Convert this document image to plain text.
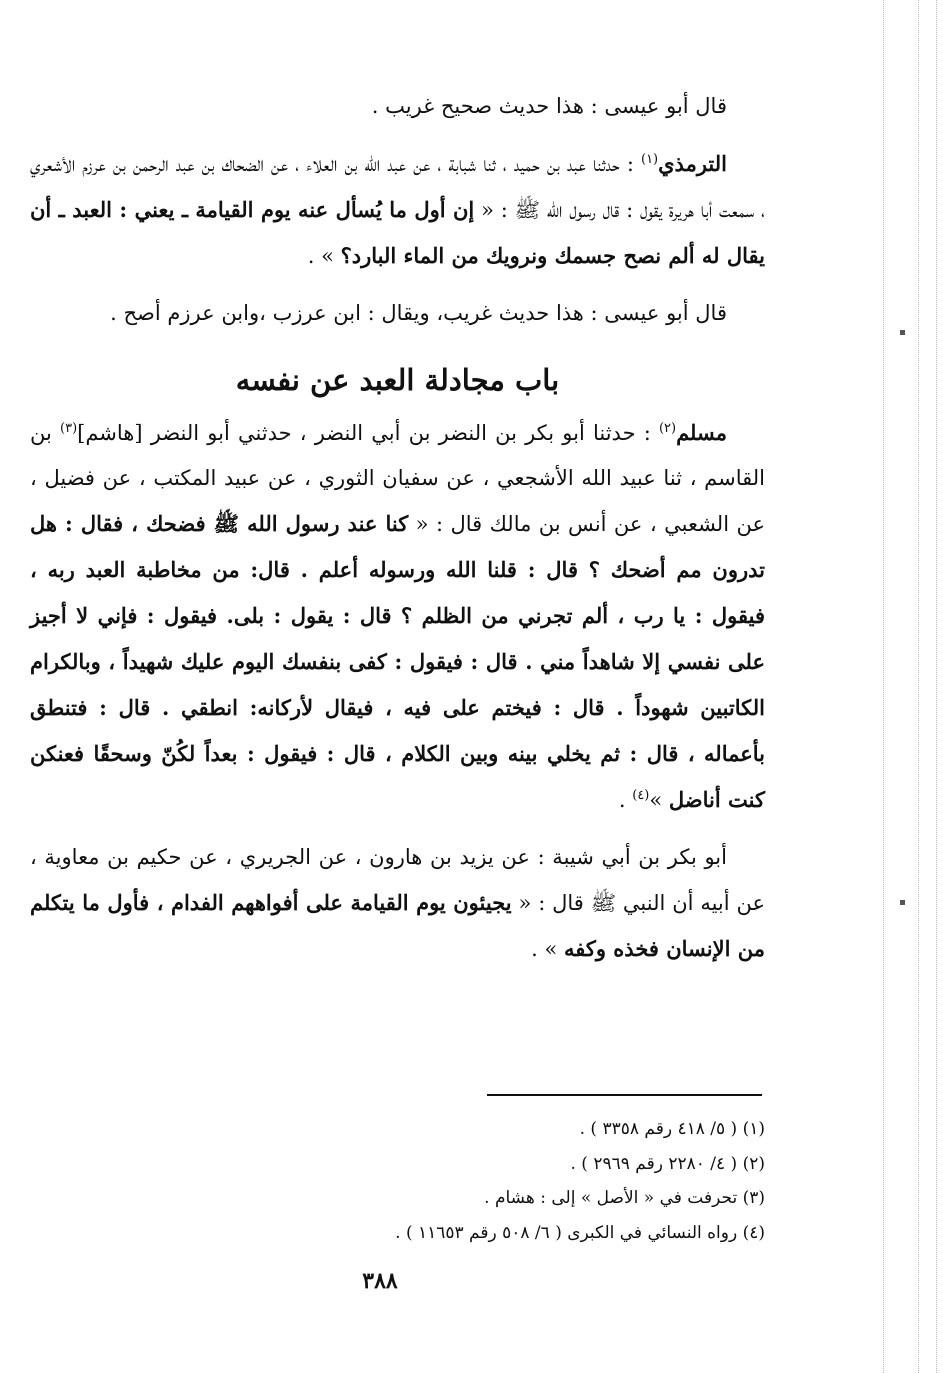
قال أبو عيسى : هذا حديث صحيح غريب .

الترمذي$^{(١)}$ : حدثنا عبد بن حميد ، ثنا شبابة ، عن عبد الله بن العلاء ، عن الضحاك بن عبد الرحمن بن عرزم الأشعري ، سمعت أبا هريرة يقول : قال رسول الله ﷺ : « إن أول ما يُسأل عنه يوم القيامة ـ يعني : العبد ـ أن يقال له ألم نصح جسمك ونرويك من الماء البارد؟ » .

قال أبو عيسى : هذا حديث غريب، ويقال : ابن عرزب ،وابن عرزم أصح .

باب مجادلة العبد عن نفسه

مسلم$^{(٢)}$ : حدثنا أبو بكر بن النضر بن أبي النضر ، حدثني أبو النضر [هاشم]$^{(٣)}$ بن القاسم ، ثنا عبيد الله الأشجعي ، عن سفيان الثوري ، عن عبيد المكتب ، عن فضيل ، عن الشعبي ، عن أنس بن مالك قال : « كنا عند رسول الله ﷺ فضحك ، فقال : هل تدرون مم أضحك ؟ قال : قلنا الله ورسوله أعلم . قال: من مخاطبة العبد ربه ، فيقول : يا رب ، ألم تجرني من الظلم ؟ قال : يقول : بلى. فيقول : فإني لا أجيز على نفسي إلا شاهداً مني . قال : فيقول : كفى بنفسك اليوم عليك شهيداً ، وبالكرام الكاتبين شهوداً . قال : فيختم على فيه ، فيقال لأركانه: انطقي . قال : فتنطق بأعماله ، قال : ثم يخلي بينه وبين الكلام ، قال : فيقول : بعداً لكُنّ وسحقًا فعنكن كنت أناضل »$^{(٤)}$ .

أبو بكر بن أبي شيبة : عن يزيد بن هارون ، عن الجريري ، عن حكيم بن معاوية ، عن أبيه أن النبي ﷺ قال : « يجيئون يوم القيامة على أفواههم الفدام ، فأول ما يتكلم من الإنسان فخذه وكفه » .

(١) ( ٥/ ٤١٨ رقم ٣٣٥٨ ) .
(٢) ( ٤/ ٢٢٨٠ رقم ٢٩٦٩ ) .
(٣) تحرفت في « الأصل » إلى : هشام .
(٤) رواه النسائي في الكبرى ( ٦/ ٥٠٨ رقم ١١٦٥٣ ) .
٣٨٨
